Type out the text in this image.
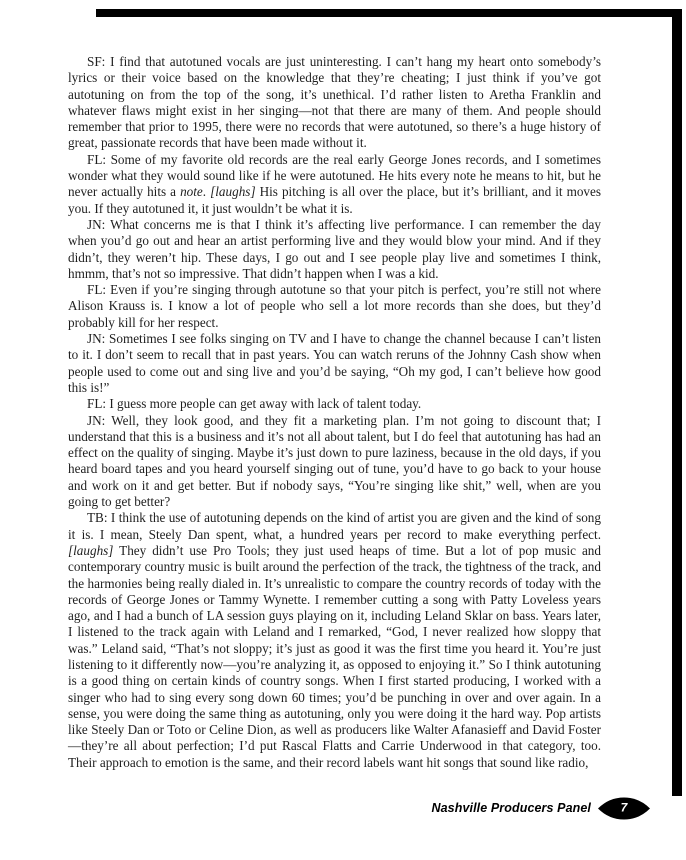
SF: I find that autotuned vocals are just uninteresting. I can’t hang my heart onto somebody’s lyrics or their voice based on the knowledge that they’re cheating; I just think if you’ve got autotuning on from the top of the song, it’s unethical. I’d rather listen to Aretha Franklin and whatever flaws might exist in her singing—not that there are many of them. And people should remember that prior to 1995, there were no records that were autotuned, so there’s a huge history of great, passionate records that have been made without it.

FL: Some of my favorite old records are the real early George Jones records, and I sometimes wonder what they would sound like if he were autotuned. He hits every note he means to hit, but he never actually hits a note. [laughs] His pitching is all over the place, but it’s brilliant, and it moves you. If they autotuned it, it just wouldn’t be what it is.

JN: What concerns me is that I think it’s affecting live performance. I can remember the day when you’d go out and hear an artist performing live and they would blow your mind. And if they didn’t, they weren’t hip. These days, I go out and I see people play live and sometimes I think, hmmm, that’s not so impressive. That didn’t happen when I was a kid.

FL: Even if you’re singing through autotune so that your pitch is perfect, you’re still not where Alison Krauss is. I know a lot of people who sell a lot more records than she does, but they’d probably kill for her respect.

JN: Sometimes I see folks singing on TV and I have to change the channel because I can’t listen to it. I don’t seem to recall that in past years. You can watch reruns of the Johnny Cash show when people used to come out and sing live and you’d be saying, “Oh my god, I can’t believe how good this is!”

FL: I guess more people can get away with lack of talent today.

JN: Well, they look good, and they fit a marketing plan. I’m not going to discount that; I understand that this is a business and it’s not all about talent, but I do feel that autotuning has had an effect on the quality of singing. Maybe it’s just down to pure laziness, because in the old days, if you heard board tapes and you heard yourself singing out of tune, you’d have to go back to your house and work on it and get better. But if nobody says, “You’re singing like shit,” well, when are you going to get better?

TB: I think the use of autotuning depends on the kind of artist you are given and the kind of song it is. I mean, Steely Dan spent, what, a hundred years per record to make everything perfect. [laughs] They didn’t use Pro Tools; they just used heaps of time. But a lot of pop music and contemporary country music is built around the perfection of the track, the tightness of the track, and the harmonies being really dialed in. It’s unrealistic to compare the country records of today with the records of George Jones or Tammy Wynette. I remember cutting a song with Patty Loveless years ago, and I had a bunch of LA session guys playing on it, including Leland Sklar on bass. Years later, I listened to the track again with Leland and I remarked, “God, I never realized how sloppy that was.” Leland said, “That’s not sloppy; it’s just as good it was the first time you heard it. You’re just listening to it differently now—you’re analyzing it, as opposed to enjoying it.” So I think autotuning is a good thing on certain kinds of country songs. When I first started producing, I worked with a singer who had to sing every song down 60 times; you’d be punching in over and over again. In a sense, you were doing the same thing as autotuning, only you were doing it the hard way. Pop artists like Steely Dan or Toto or Celine Dion, as well as producers like Walter Afanasieff and David Foster—they’re all about perfection; I’d put Rascal Flatts and Carrie Underwood in that category, too. Their approach to emotion is the same, and their record labels want hit songs that sound like radio,

Nashville Producers Panel 7
